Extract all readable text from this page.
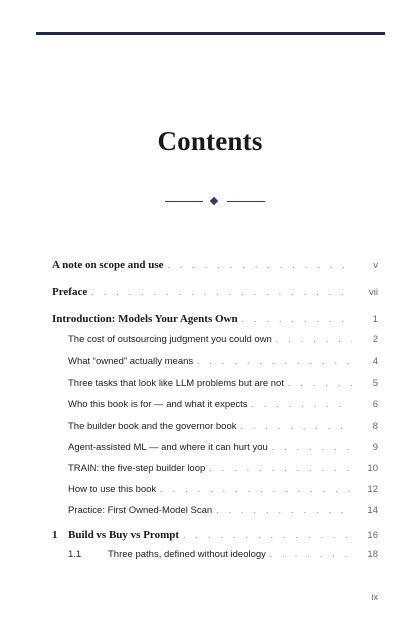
Contents
A note on scope and use . . .	v
Preface . . .	vii
Introduction: Models Your Agents Own . . .	1
The cost of outsourcing judgment you could own . . .	2
What “owned” actually means . . .	4
Three tasks that look like LLM problems but are not . . .	5
Who this book is for — and what it expects . . .	6
The builder book and the governor book . . .	8
Agent-assisted ML — and where it can hurt you . . .	9
TRAIN: the five-step builder loop . . .	10
How to use this book . . .	12
Practice: First Owned-Model Scan . . .	14
1 Build vs Buy vs Prompt . . .	16
1.1	Three paths, defined without ideology . . .	18
ix
